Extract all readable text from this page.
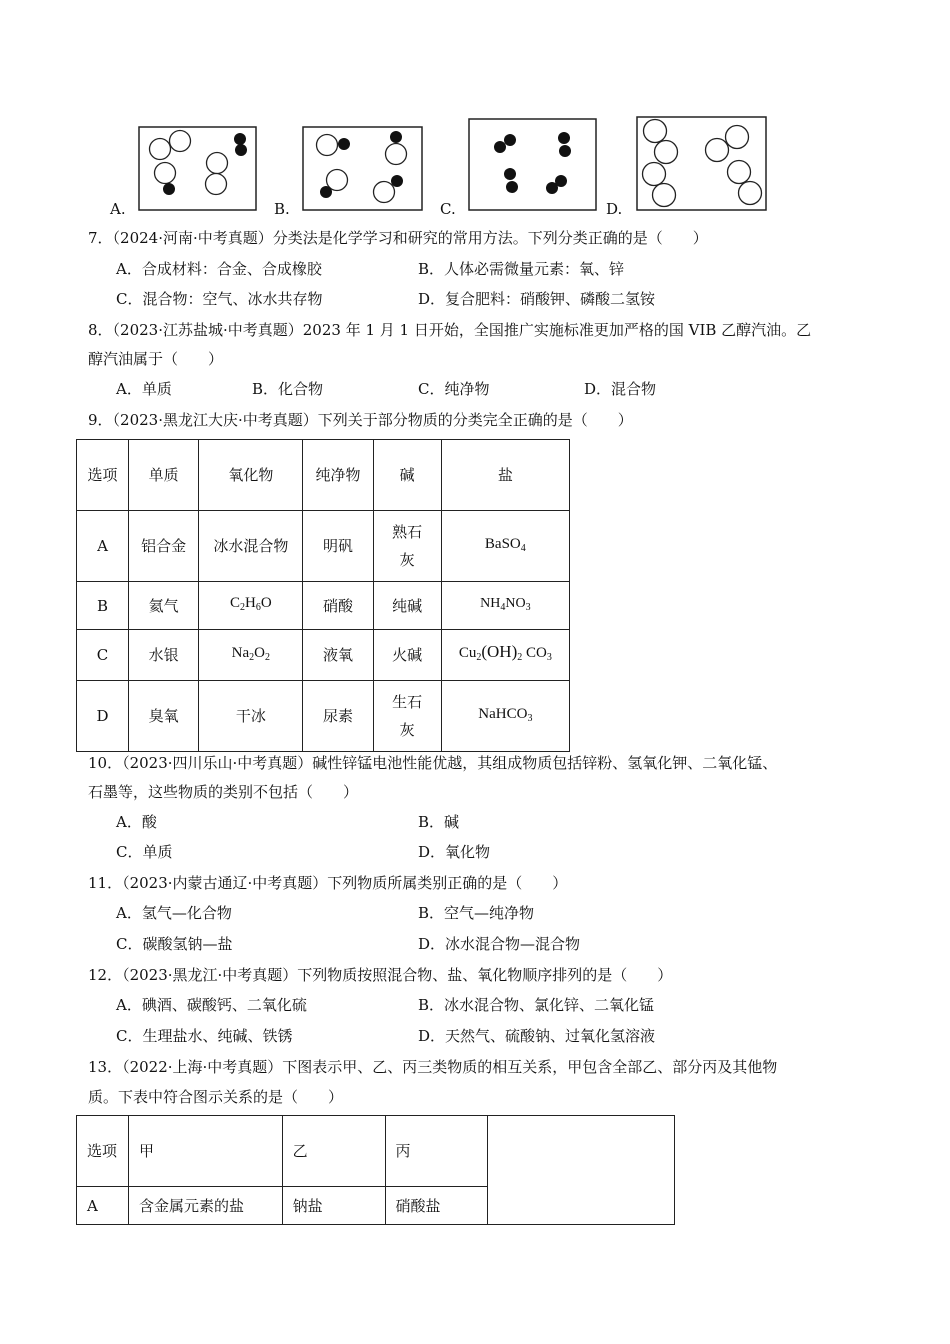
A.	B.	C.	D.
7．（2024·河南·中考真题）分类法是化学学习和研究的常用方法。下列分类正确的是（　　）
A．合成材料：合金、合成橡胶	B．人体必需微量元素：氧、锌
C．混合物：空气、冰水共存物	D．复合肥料：硝酸钾、磷酸二氢铵
8．（2023·江苏盐城·中考真题）2023 年 1 月 1 日开始，全国推广实施标准更加严格的国 VIB 乙醇汽油。乙
醇汽油属于（　　）
A．单质	B．化合物	C．纯净物	D．混合物
9．（2023·黑龙江大庆·中考真题）下列关于部分物质的分类完全正确的是（　　）
选项	单质	氧化物	纯净物	碱	盐
A	铝合金	冰水混合物	明矾	熟石灰	BaSO$_4$
B	氦气	$C_2H_6O$	硝酸	纯碱	$NH_4NO_3$
C	水银	$Na_2O_2$	液氧	火碱	$Cu_2(OH)_2$ $CO_3$
D	臭氧	干冰	尿素	生石灰	NaHCO$_3$
10．（2023·四川乐山·中考真题）碱性锌锰电池性能优越，其组成物质包括锌粉、氢氧化钾、二氧化锰、
石墨等，这些物质的类别不包括（　　）
A．酸	B．碱
C．单质	D．氧化物
11．（2023·内蒙古通辽·中考真题）下列物质所属类别正确的是（　　）
A．氢气—化合物	B．空气—纯净物
C．碳酸氢钠—盐	D．冰水混合物—混合物
12．（2023·黑龙江·中考真题）下列物质按照混合物、盐、氧化物顺序排列的是（　　）
A．碘酒、碳酸钙、二氧化硫	B．冰水混合物、氯化锌、二氧化锰
C．生理盐水、纯碱、铁锈	D．天然气、硫酸钠、过氧化氢溶液
13．（2022·上海·中考真题）下图表示甲、乙、丙三类物质的相互关系，甲包含全部乙、部分丙及其他物
质。下表中符合图示关系的是（　　）
选项	甲	乙	丙	
A	含金属元素的盐	钠盐	硝酸盐	
